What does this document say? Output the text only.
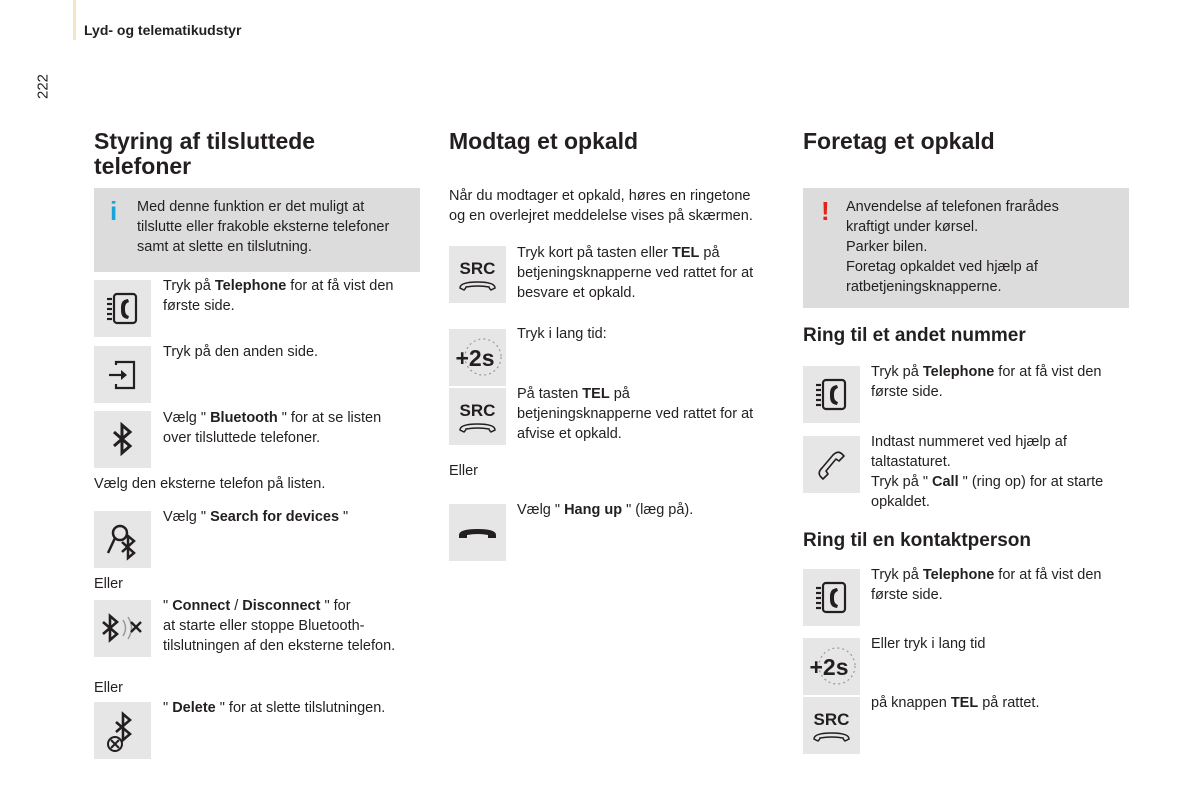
Lyd- og telematikudstyr
222
Styring af tilsluttede
telefoner
i Med denne funktion er det muligt at
tilslutte eller frakoble eksterne telefoner
samt at slette en tilslutning.
Tryk på Telephone for at få vist den
første side.
Tryk på den anden side.
Vælg " Bluetooth " for at se listen
over tilsluttede telefoner.
Vælg den eksterne telefon på listen.
Vælg " Search for devices "
Eller
" Connect / Disconnect " for
at starte eller stoppe Bluetooth-
tilslutningen af den eksterne telefon.
Eller
" Delete " for at slette tilslutningen.
Modtag et opkald
Når du modtager et opkald, høres en ringetone
og en overlejret meddelelse vises på skærmen.
SRC
Tryk kort på tasten eller TEL på
betjeningsknapperne ved rattet for at
besvare et opkald.
+2s
Tryk i lang tid:
SRC
På tasten TEL på
betjeningsknapperne ved rattet for at
afvise et opkald.
Eller
Vælg " Hang up " (læg på).
Foretag et opkald
! Anvendelse af telefonen frarådes
kraftigt under kørsel.
Parker bilen.
Foretag opkaldet ved hjælp af
ratbetjeningsknapperne.
Ring til et andet nummer
Tryk på Telephone for at få vist den
første side.
Indtast nummeret ved hjælp af
taltastaturet.
Tryk på " Call " (ring op) for at starte
opkaldet.
Ring til en kontaktperson
Tryk på Telephone for at få vist den
første side.
+2s
Eller tryk i lang tid
SRC
på knappen TEL på rattet.
